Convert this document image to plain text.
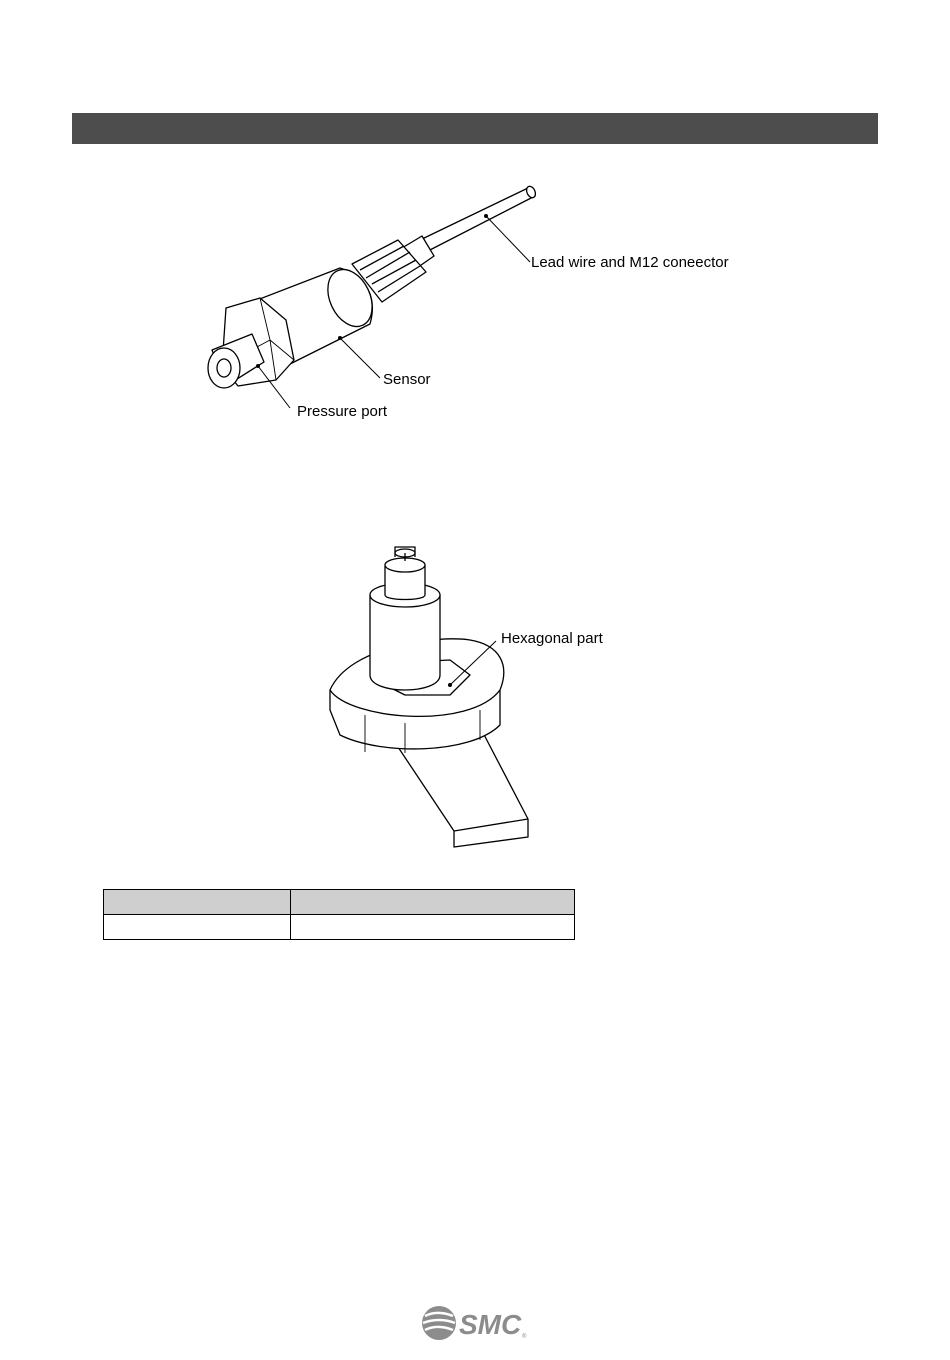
Lead wire and M12 coneector
Sensor
Pressure port
Hexagonal part

SMC ®
